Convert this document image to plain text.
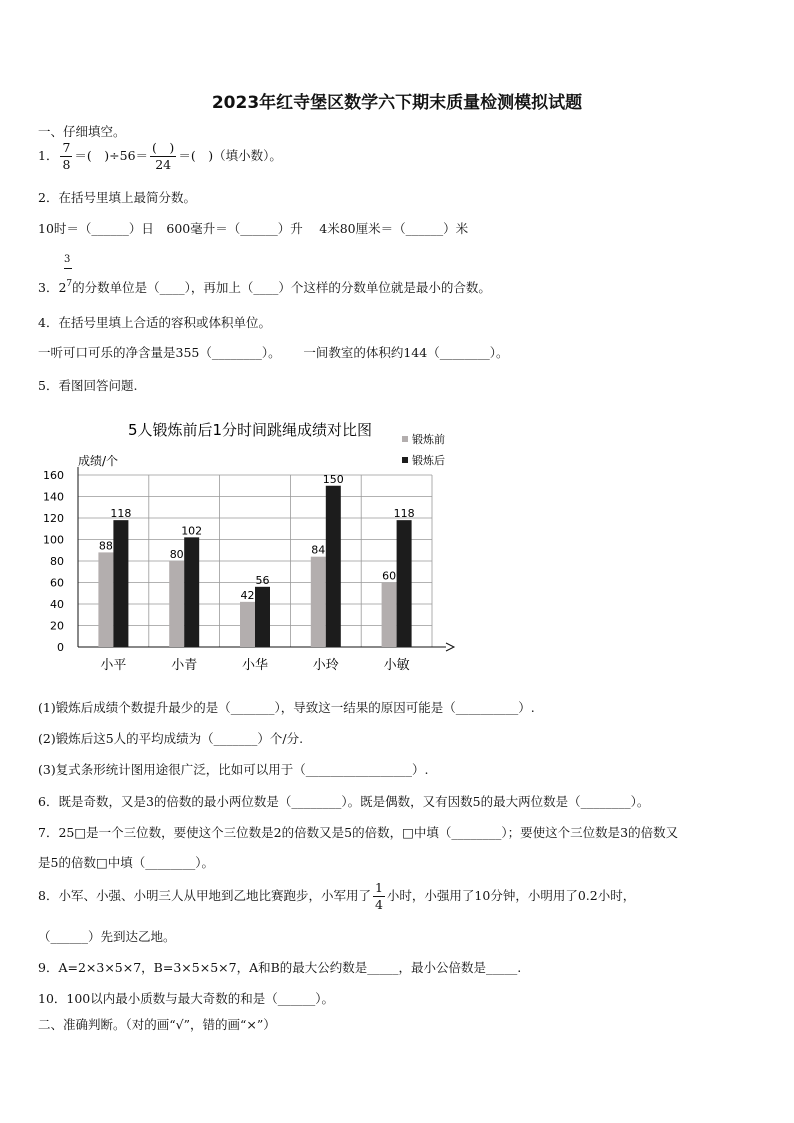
2023年红寺堡区数学六下期末质量检测模拟试题
一、仔细填空。
1． $\frac{7}{8}$ ＝(　)$\div 56= \frac{( )}{24}$ ＝(　)（填小数）。
2．在括号里填上最简分数。
10时＝（______）日　600毫升＝（______）升　 4米80厘米＝（______）米
3
3．$2^7$的分数单位是（____），再加上（____）个这样的分数单位就是最小的合数。
4．在括号里填上合适的容积或体积单位。
一听可口可乐的净含量是355（________）。　　 一间教室的体积约144（________）。
5．看图回答问题.
5人锻炼前后1分时间跳绳成绩对比图
成绩/个
锻炼前
锻炼后
0
20
40
60
80
100
120
140
160
88
118
小平
80
102
小青
42
56
小华
84
150
小玲
60
118
小敏
(1)锻炼后成绩个数提升最少的是（_______），导致这一结果的原因可能是（__________）.
(2)锻炼后这5人的平均成绩为（_______）个/分.
(3)复式条形统计图用途很广泛，比如可以用于（_________________）.
6．既是奇数，又是3的倍数的最小两位数是（________）。既是偶数，又有因数5的最大两位数是（________）。
7．25□是一个三位数，要使这个三位数是2的倍数又是5的倍数，□中填（________）；要使这个三位数是3的倍数又
是5的倍数□中填（________）。
8．小军、小强、小明三人从甲地到乙地比赛跑步，小军用了 $\frac{1}{4}$ 小时，小强用了10分钟，小明用了0.2小时，
（______）先到达乙地。
9．A=2×3×5×7，B=3×5×5×7，A和B的最大公约数是_____，最小公倍数是_____.
10．100以内最小质数与最大奇数的和是（______）。
二、准确判断。（对的画“√”，错的画“×”）
